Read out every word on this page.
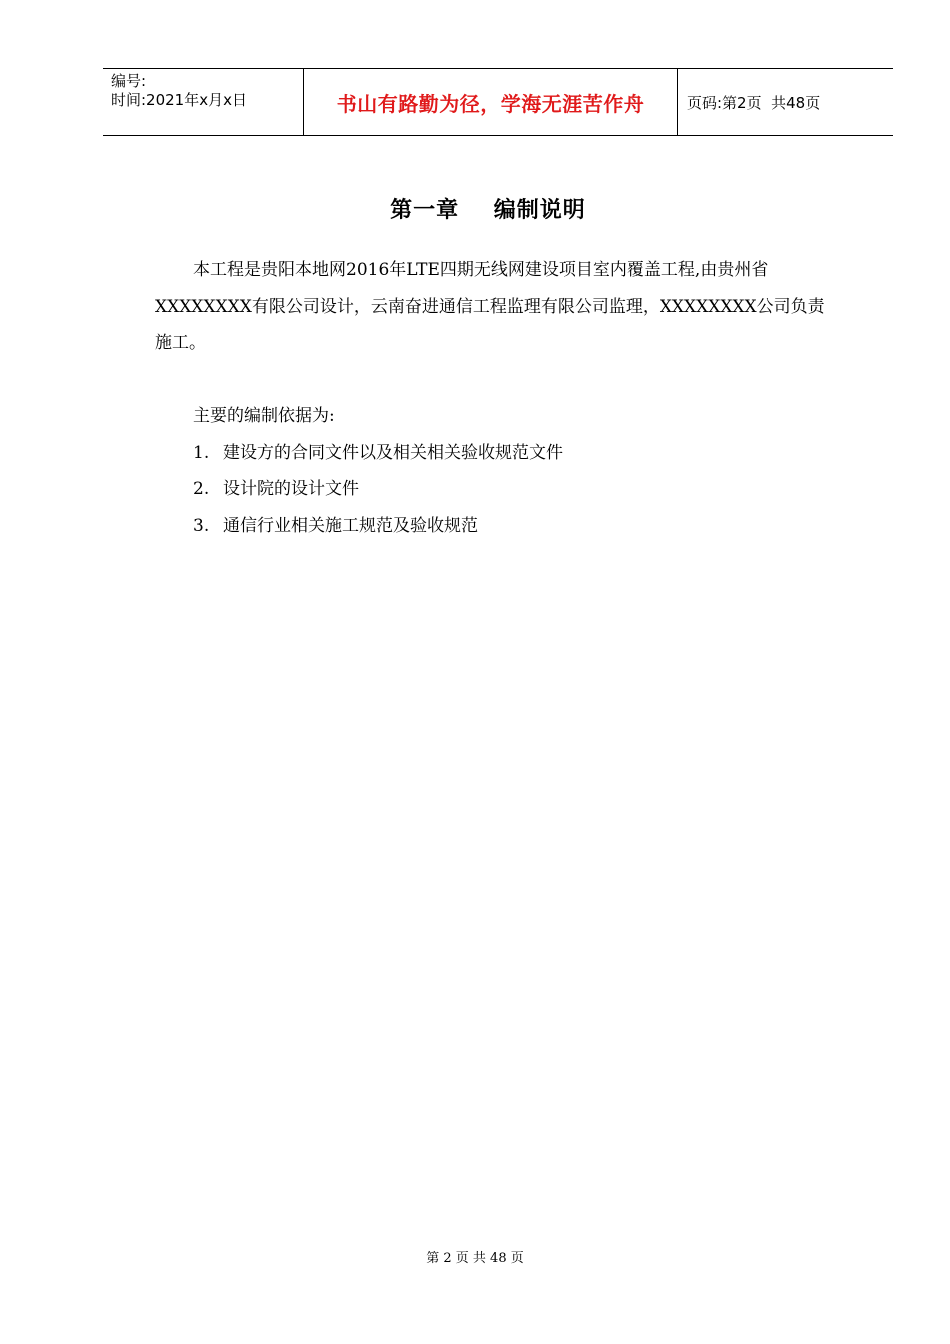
编号:
时间:2021年x月x日	书山有路勤为径，学海无涯苦作舟	页码:第2页  共48页
第一章    编制说明

本工程是贵阳本地网2016年LTE四期无线网建设项目室内覆盖工程,由贵州省XXXXXXXX有限公司设计，云南奋进通信工程监理有限公司监理，XXXXXXXX公司负责施工。

主要的编制依据为:
1. 建设方的合同文件以及相关相关验收规范文件
2. 设计院的设计文件
3. 通信行业相关施工规范及验收规范
第 2 页 共 48 页
